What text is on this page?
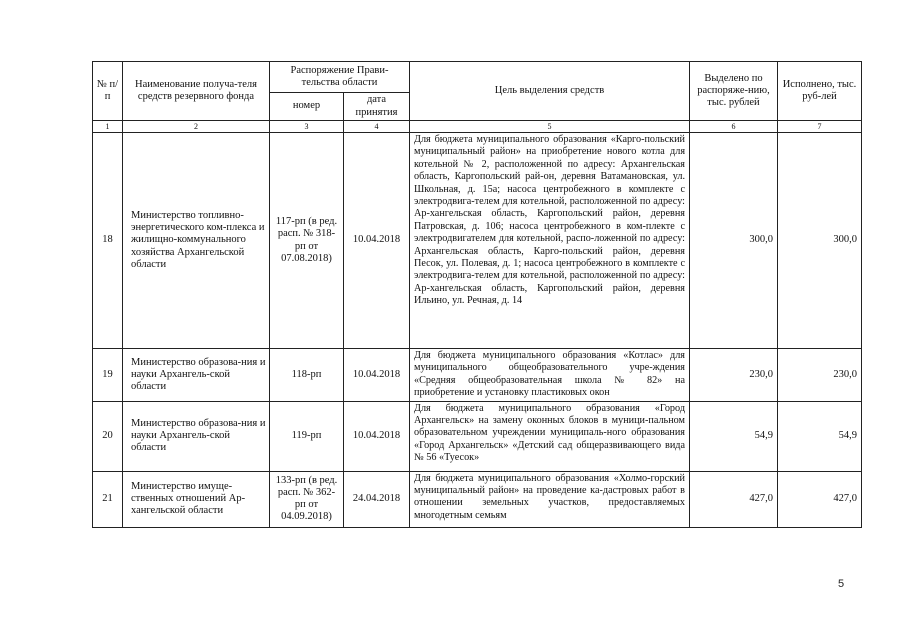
№ п/п	Наименование получа-теля средств резервного фонда	Распоряжение Прави-тельства области		Цель выделения средств	Выделено по распоряже-нию, тыс. рублей	Исполнено, тыс. руб-лей
		номер	дата принятия			
1	2	3	4	5	6	7
18	Министерство топливно-энергетического ком-плекса и жилищно-коммунального хозяйства Архангельской области	117-рп (в ред. расп. № 318-рп от 07.08.2018)	10.04.2018	Для бюджета муниципального образования «Карго-польский муниципальный район» на приобретение нового котла для котельной № 2, расположенной по адресу: Архангельская область, Каргопольский рай-он, деревня Ватамановская, ул. Школьная, д. 15а; насоса центробежного в комплекте с электродвига-телем для котельной, расположенной по адресу: Ар-хангельская область, Каргопольский район, деревня Патровская, д. 106; насоса центробежного в ком-плекте с электродвигателем для котельной, распо-ложенной по адресу: Архангельская область, Карго-польский район, деревня Песок, ул. Полевая, д. 1; насоса центробежного в комплекте с электродвига-телем для котельной, расположенной по адресу: Ар-хангельская область, Каргопольский район, деревня Ильино, ул. Речная, д. 14	300,0	300,0
19	Министерство образова-ния и науки Архангель-ской области	118-рп	10.04.2018	Для бюджета муниципального образования «Котлас» для муниципального общеобразовательного учре-ждения «Средняя общеобразовательная школа № 82» на приобретение и установку пластиковых окон	230,0	230,0
20	Министерство образова-ния и науки Архангель-ской области	119-рп	10.04.2018	Для бюджета муниципального образования «Город Архангельск» на замену оконных блоков в муници-пальном образовательном учреждении муниципаль-ного образования «Город Архангельск» «Детский сад общеразвивающего вида № 56 «Туесок»	54,9	54,9
21	Министерство имуще-ственных отношений Ар-хангельской области	133-рп (в ред. расп. № 362-рп от 04.09.2018)	24.04.2018	Для бюджета муниципального образования «Холмо-горский муниципальный район» на проведение ка-дастровых работ в отношении земельных участков, предоставляемых многодетным семьям	427,0	427,0
5
